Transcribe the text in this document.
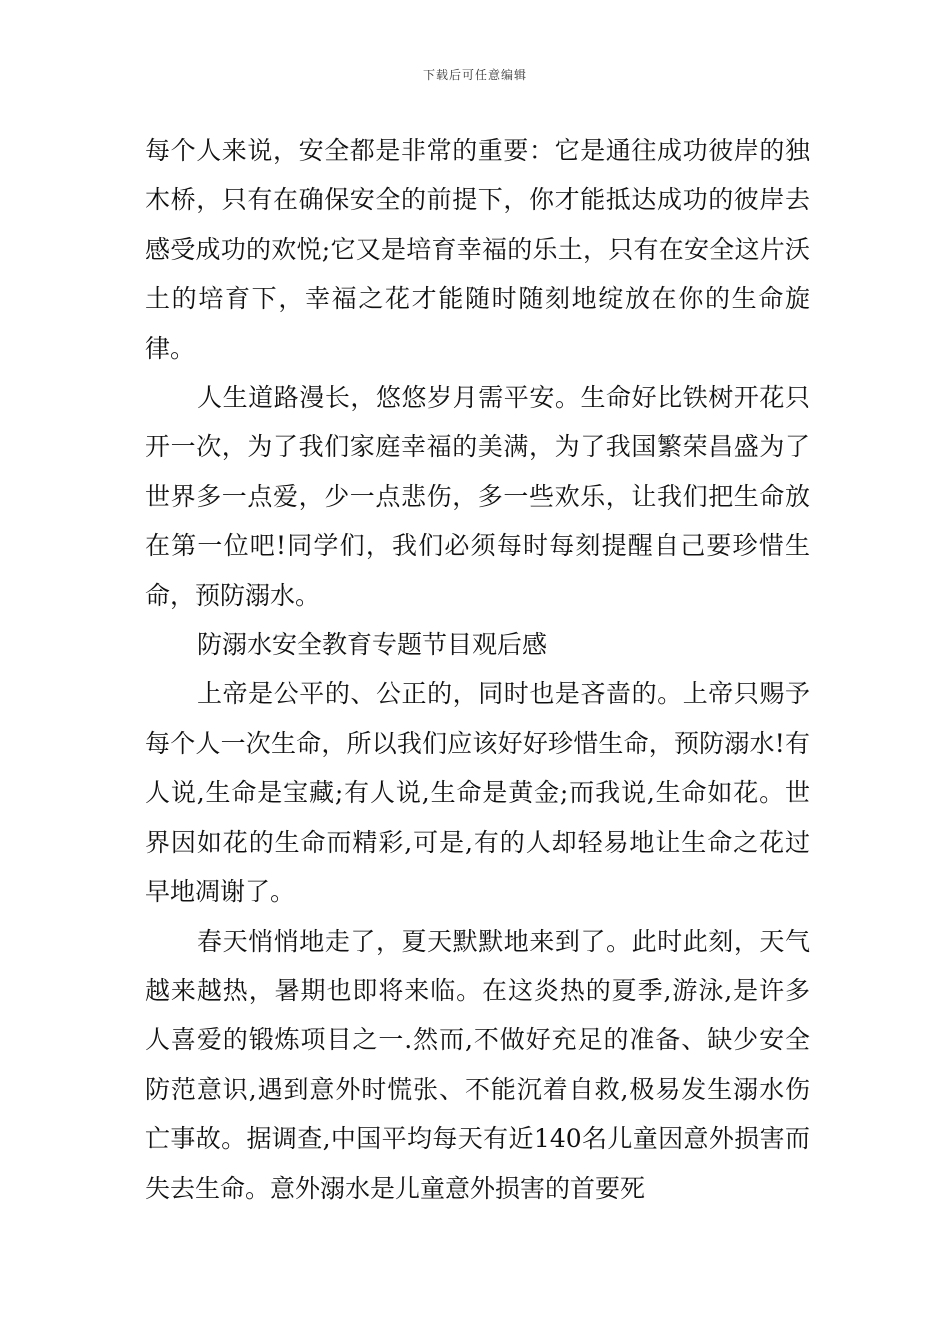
下载后可任意编辑

每个人来说，安全都是非常的重要：它是通往成功彼岸的独木桥，只有在确保安全的前提下，你才能抵达成功的彼岸去感受成功的欢悦;它又是培育幸福的乐土，只有在安全这片沃土的培育下，幸福之花才能随时随刻地绽放在你的生命旋律。

人生道路漫长，悠悠岁月需平安。生命好比铁树开花只开一次，为了我们家庭幸福的美满，为了我国繁荣昌盛为了世界多一点爱，少一点悲伤，多一些欢乐，让我们把生命放在第一位吧!同学们，我们必须每时每刻提醒自己要珍惜生命，预防溺水。

防溺水安全教育专题节目观后感

上帝是公平的、公正的，同时也是吝啬的。上帝只赐予每个人一次生命，所以我们应该好好珍惜生命，预防溺水!有人说,生命是宝藏;有人说,生命是黄金;而我说,生命如花。世界因如花的生命而精彩,可是,有的人却轻易地让生命之花过早地凋谢了。

春天悄悄地走了，夏天默默地来到了。此时此刻，天气越来越热，暑期也即将来临。在这炎热的夏季,游泳,是许多人喜爱的锻炼项目之一.然而,不做好充足的准备、缺少安全防范意识,遇到意外时慌张、不能沉着自救,极易发生溺水伤亡事故。据调查,中国平均每天有近140名儿童因意外损害而失去生命。意外溺水是儿童意外损害的首要死
